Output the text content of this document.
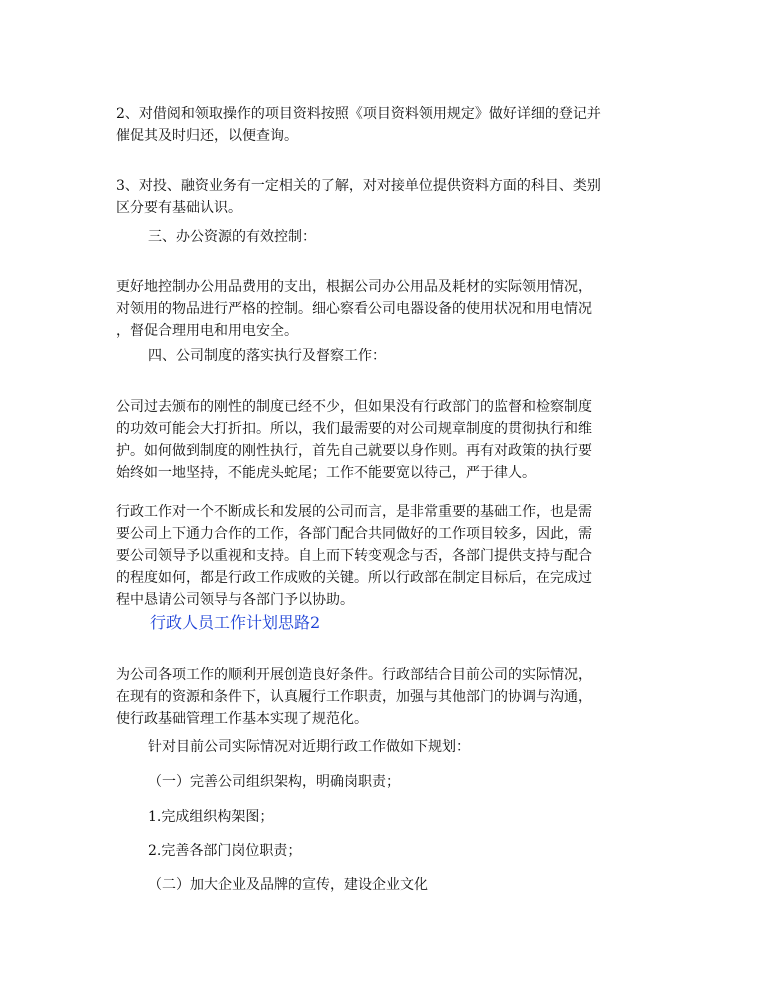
2、对借阅和领取操作的项目资料按照《项目资料领用规定》做好详细的登记并
催促其及时归还，以便查询。

3、对投、融资业务有一定相关的了解，对对接单位提供资料方面的科目、类别
区分要有基础认识。

三、办公资源的有效控制：

更好地控制办公用品费用的支出，根据公司办公用品及耗材的实际领用情况，
对领用的物品进行严格的控制。细心察看公司电器设备的使用状况和用电情况
，督促合理用电和用电安全。

四、公司制度的落实执行及督察工作：

公司过去颁布的刚性的制度已经不少，但如果没有行政部门的监督和检察制度
的功效可能会大打折扣。所以，我们最需要的对公司规章制度的贯彻执行和维
护。如何做到制度的刚性执行，首先自己就要以身作则。再有对政策的执行要
始终如一地坚持，不能虎头蛇尾；工作不能要宽以待己，严于律人。

行政工作对一个不断成长和发展的公司而言，是非常重要的基础工作，也是需
要公司上下通力合作的工作，各部门配合共同做好的工作项目较多，因此，需
要公司领导予以重视和支持。自上而下转变观念与否，各部门提供支持与配合
的程度如何，都是行政工作成败的关键。所以行政部在制定目标后，在完成过
程中恳请公司领导与各部门予以协助。

行政人员工作计划思路2

为公司各项工作的顺利开展创造良好条件。行政部结合目前公司的实际情况，
在现有的资源和条件下，认真履行工作职责，加强与其他部门的协调与沟通，
使行政基础管理工作基本实现了规范化。

针对目前公司实际情况对近期行政工作做如下规划：

（一）完善公司组织架构，明确岗职责；

1.完成组织构架图；

2.完善各部门岗位职责；

（二）加大企业及品牌的宣传，建设企业文化
